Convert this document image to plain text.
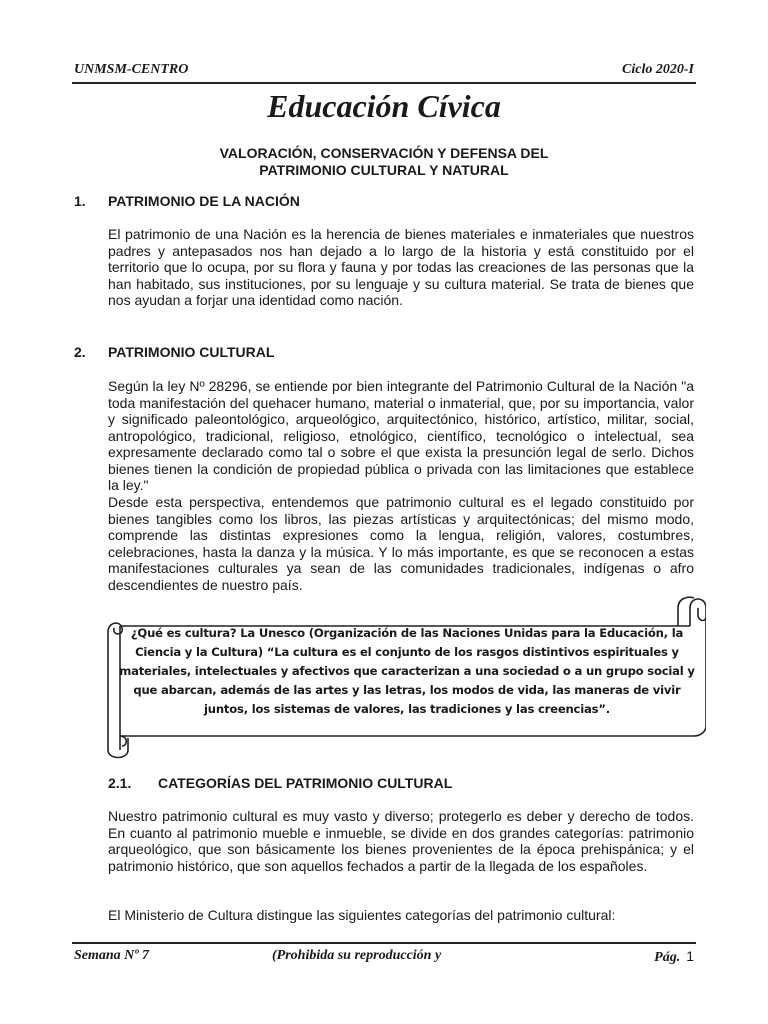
UNMSM-CENTRO	Ciclo 2020-I
Educación Cívica
VALORACIÓN, CONSERVACIÓN Y DEFENSA DEL
PATRIMONIO CULTURAL Y NATURAL
1. PATRIMONIO DE LA NACIÓN

El patrimonio de una Nación es la herencia de bienes materiales e inmateriales que nuestros padres y antepasados nos han dejado a lo largo de la historia y está constituido por el territorio que lo ocupa, por su flora y fauna y por todas las creaciones de las personas que la han habitado, sus instituciones, por su lenguaje y su cultura material. Se trata de bienes que nos ayudan a forjar una identidad como nación.

2. PATRIMONIO CULTURAL

Según la ley Nº 28296, se entiende por bien integrante del Patrimonio Cultural de la Nación "a toda manifestación del quehacer humano, material o inmaterial, que, por su importancia, valor y significado paleontológico, arqueológico, arquitectónico, histórico, artístico, militar, social, antropológico, tradicional, religioso, etnológico, científico, tecnológico o intelectual, sea expresamente declarado como tal o sobre el que exista la presunción legal de serlo. Dichos bienes tienen la condición de propiedad pública o privada con las limitaciones que establece la ley."

Desde esta perspectiva, entendemos que patrimonio cultural es el legado constituido por bienes tangibles como los libros, las piezas artísticas y arquitectónicas; del mismo modo, comprende las distintas expresiones como la lengua, religión, valores, costumbres, celebraciones, hasta la danza y la música. Y lo más importante, es que se reconocen a estas manifestaciones culturales ya sean de las comunidades tradicionales, indígenas o afro descendientes de nuestro país.

¿Qué es cultura? La Unesco (Organización de las Naciones Unidas para la Educación, la Ciencia y la Cultura) “La cultura es el conjunto de los rasgos distintivos espirituales y materiales, intelectuales y afectivos que caracterizan a una sociedad o a un grupo social y que abarcan, además de las artes y las letras, los modos de vida, las maneras de vivir juntos, los sistemas de valores, las tradiciones y las creencias”.
2.1. CATEGORÍAS DEL PATRIMONIO CULTURAL

Nuestro patrimonio cultural es muy vasto y diverso; protegerlo es deber y derecho de todos. En cuanto al patrimonio mueble e inmueble, se divide en dos grandes categorías: patrimonio arqueológico, que son básicamente los bienes provenientes de la época prehispánica; y el patrimonio histórico, que son aquellos fechados a partir de la llegada de los españoles.

El Ministerio de Cultura distingue las siguientes categorías del patrimonio cultural:

Semana Nº 7	(Prohibida su reproducción y	Pág. 1
